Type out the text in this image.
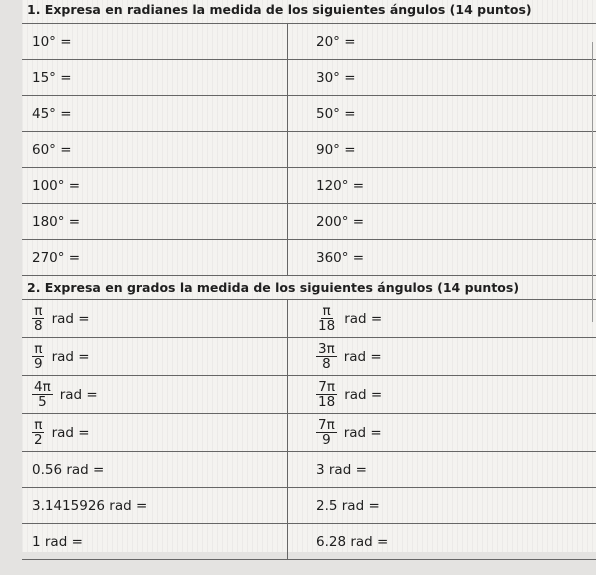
1. Expresa en radianes la medida de los siguientes ángulos (14 puntos)
10° =	20° =
15° =	30° =
45° =	50° =
60° =	90° =
100° =	120° =
180° =	200° =
270° =	360° =
2. Expresa en grados la medida de los siguientes ángulos (14 puntos)
$\frac{\pi}{8}$ rad =	$\frac{\pi}{18}$ rad =
$\frac{\pi}{9}$ rad =	$\frac{3\pi}{8}$ rad =
$\frac{4\pi}{5}$ rad =	$\frac{7\pi}{18}$ rad =
$\frac{\pi}{2}$ rad =	$\frac{7\pi}{9}$ rad =
0.56 rad =	3 rad =
3.1415926 rad =	2.5 rad =
1 rad =	6.28 rad =
